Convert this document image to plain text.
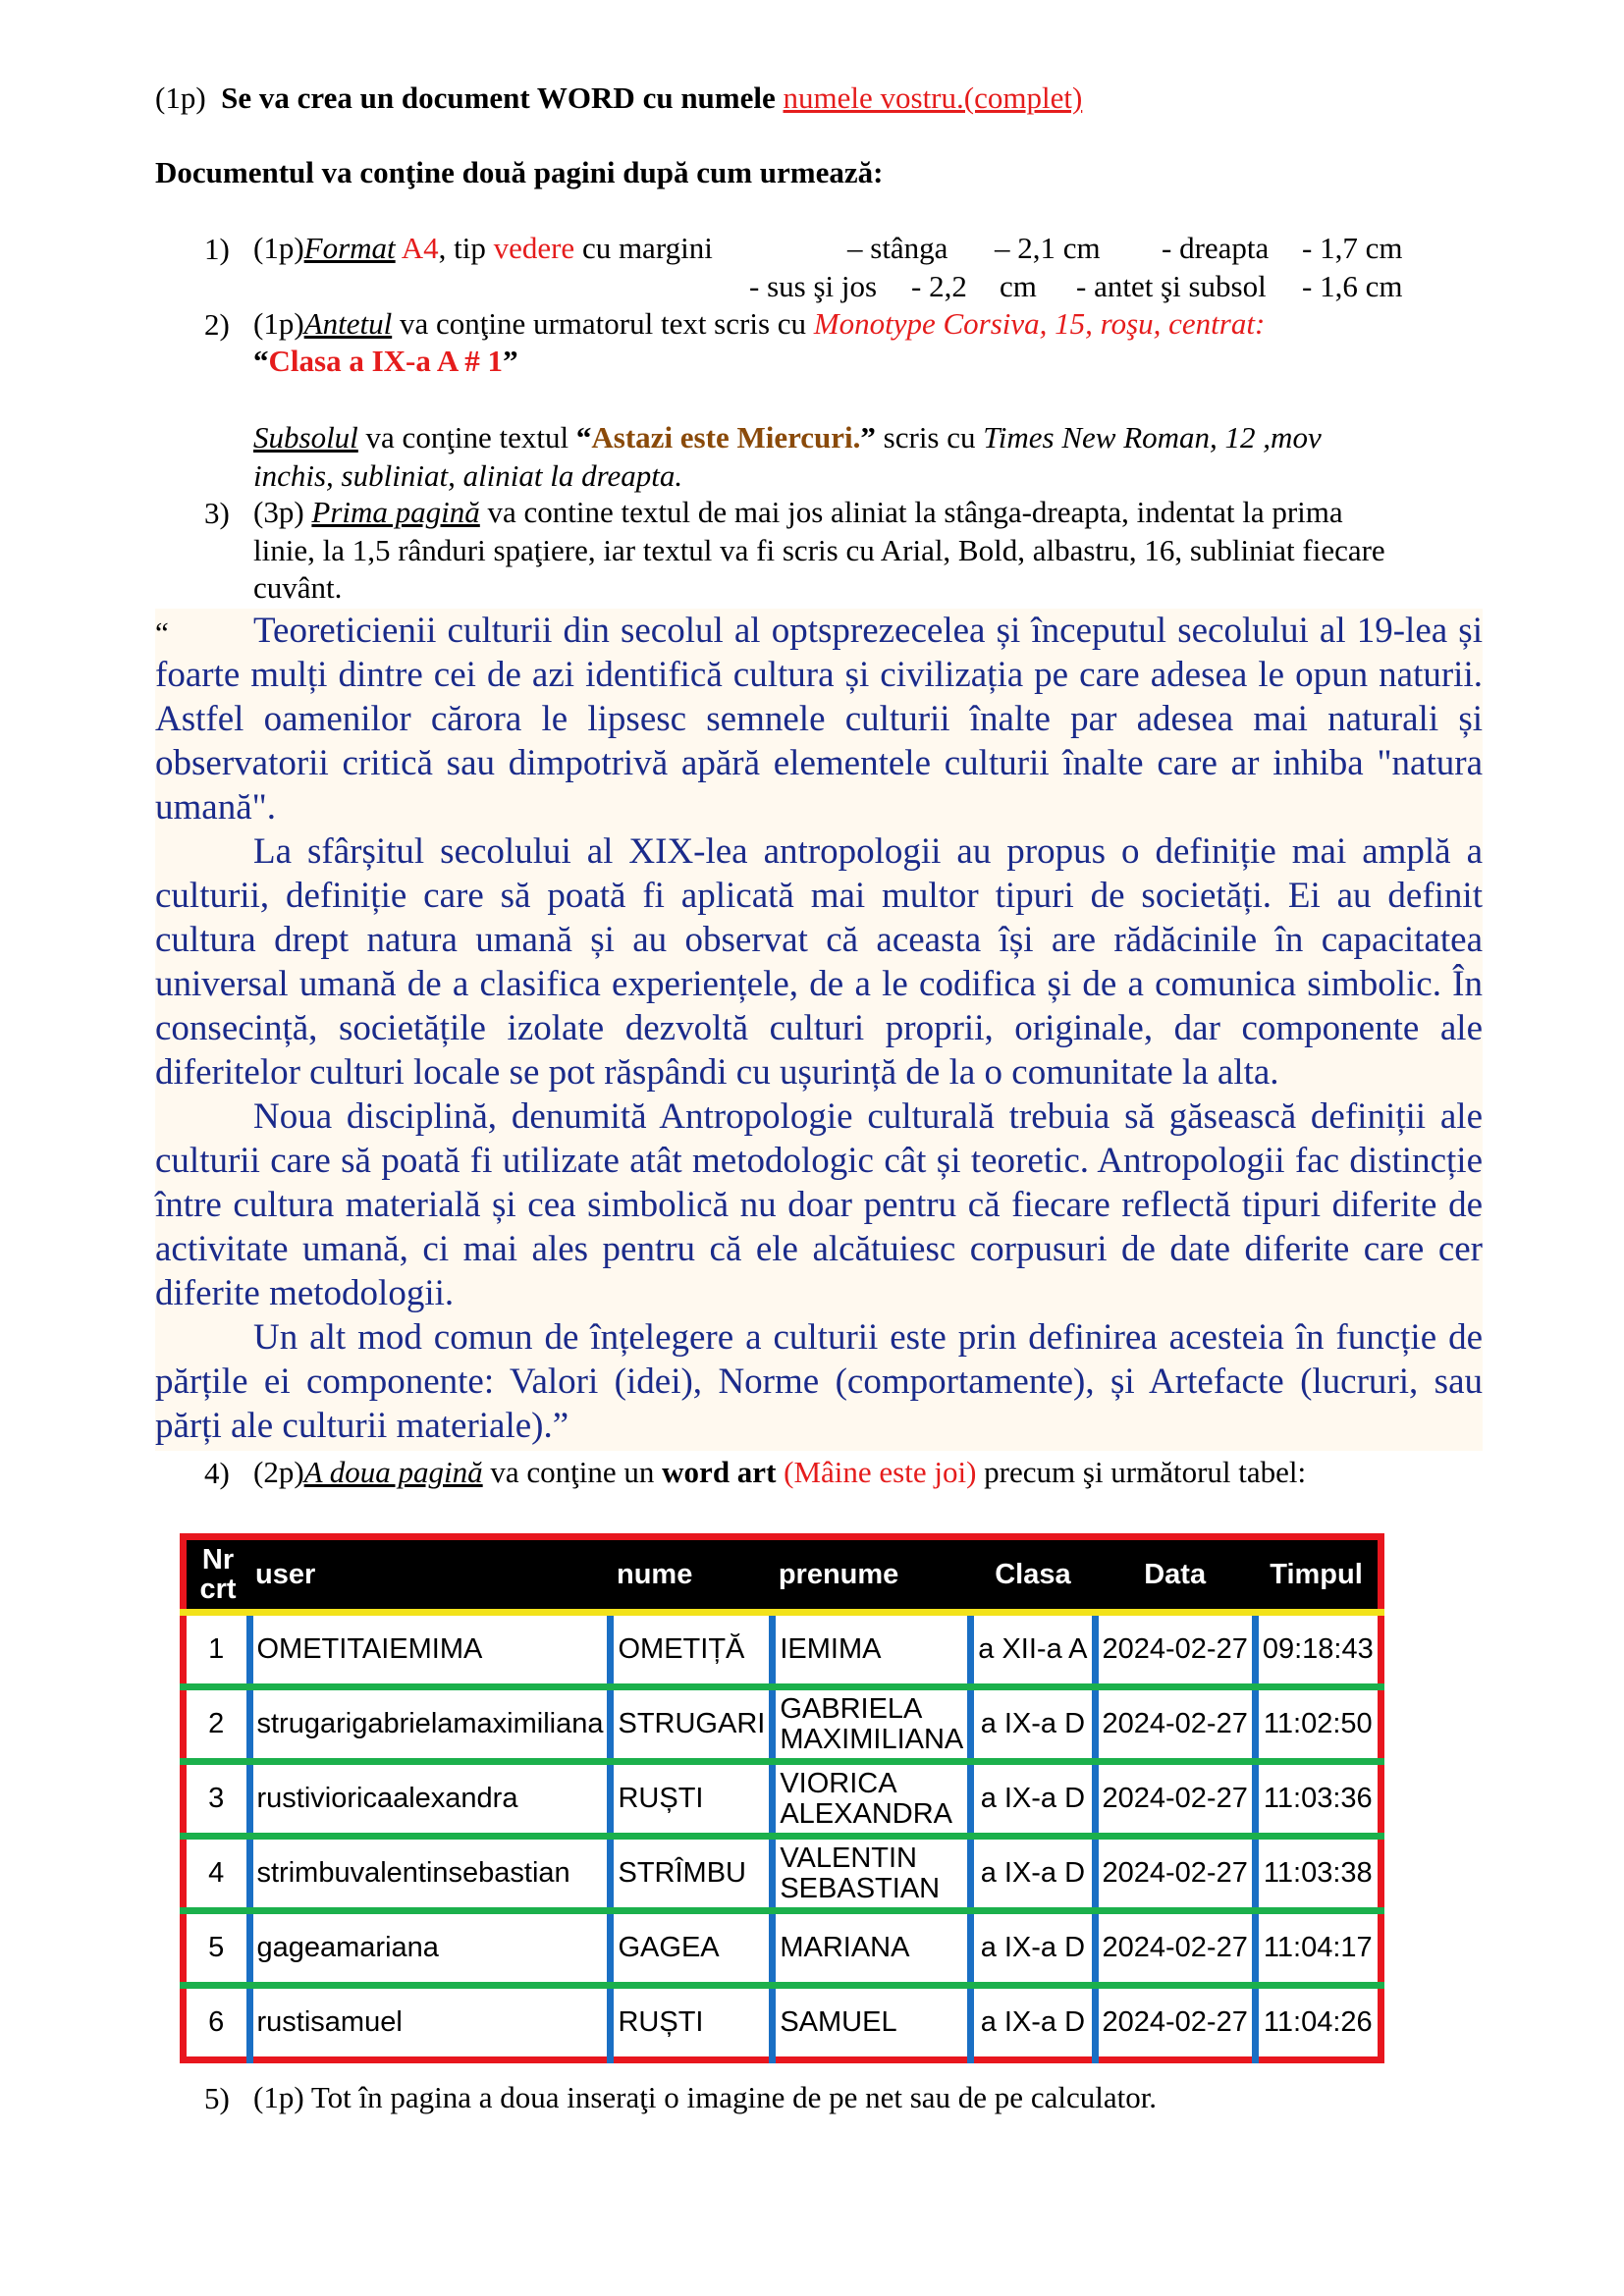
(1p) Se va crea un document WORD cu numele numele vostru.(complet)
Documentul va conţine două pagini după cum urmează:
1) (1p)Format A4, tip vedere cu margini	– stânga – 2,1 cm - dreapta - 1,7 cm
- sus şi jos - 2,2 cm - antet şi subsol - 1,6 cm
2) (1p)Antetul va conţine urmatorul text scris cu Monotype Corsiva, 15, roşu, centrat:
“Clasa a IX-a A # 1”
Subsolul va conţine textul “Astazi este Miercuri.” scris cu Times New Roman, 12 ,mov
inchis, subliniat, aliniat la dreapta.
3) (3p) Prima pagină va contine textul de mai jos aliniat la stânga-dreapta, indentat la prima
linie, la 1,5 rânduri spaţiere, iar textul va fi scris cu Arial, Bold, albastru, 16, subliniat fiecare
cuvânt.
“	Teoreticienii culturii din secolul al optsprezecelea și începutul secolului al 19-lea și foarte mulți dintre cei de azi identifică cultura și civilizația pe care adesea le opun naturii. Astfel oamenilor cărora le lipsesc semnele culturii înalte par adesea mai naturali și observatorii critică sau dimpotrivă apără elementele culturii înalte care ar inhiba "natura umană".

La sfârșitul secolului al XIX-lea antropologii au propus o definiție mai amplă a culturii, definiție care să poată fi aplicată mai multor tipuri de societăți. Ei au definit cultura drept natura umană și au observat că aceasta își are rădăcinile în capacitatea universal umană de a clasifica experiențele, de a le codifica și de a comunica simbolic. În consecință, societățile izolate dezvoltă culturi proprii, originale, dar componente ale diferitelor culturi locale se pot răspândi cu ușurință de la o comunitate la alta.

Noua disciplină, denumită Antropologie culturală trebuia să găsească definiții ale culturii care să poată fi utilizate atât metodologic cât și teoretic. Antropologii fac distincție între cultura materială și cea simbolică nu doar pentru că fiecare reflectă tipuri diferite de activitate umană, ci mai ales pentru că ele alcătuiesc corpusuri de date diferite care cer diferite metodologii.

Un alt mod comun de înțelegere a culturii este prin definirea acesteia în funcție de părțile ei componente: Valori (idei), Norme (comportamente), și Artefacte (lucruri, sau părți ale culturii materiale).”

4) (2p)A doua pagină va conţine un word art (Mâine este joi) precum şi următorul tabel:
Nr
crt	user	nume	prenume	Clasa	Data	Timpul
1	OMETITAIEMIMA	OMETIȚĂ	IEMIMA	a XII-a A	2024-02-27	09:18:43
2	strugarigabrielamaximiliana	STRUGARI	GABRIELA
MAXIMILIANA	a IX-a D	2024-02-27	11:02:50
3	rustivioricaalexandra	RUȘTI	VIORICA
ALEXANDRA	a IX-a D	2024-02-27	11:03:36
4	strimbuvalentinsebastian	STRÎMBU	VALENTIN
SEBASTIAN	a IX-a D	2024-02-27	11:03:38
5	gageamariana	GAGEA	MARIANA	a IX-a D	2024-02-27	11:04:17
6	rustisamuel	RUȘTI	SAMUEL	a IX-a D	2024-02-27	11:04:26
5) (1p) Tot în pagina a doua inseraţi o imagine de pe net sau de pe calculator.
